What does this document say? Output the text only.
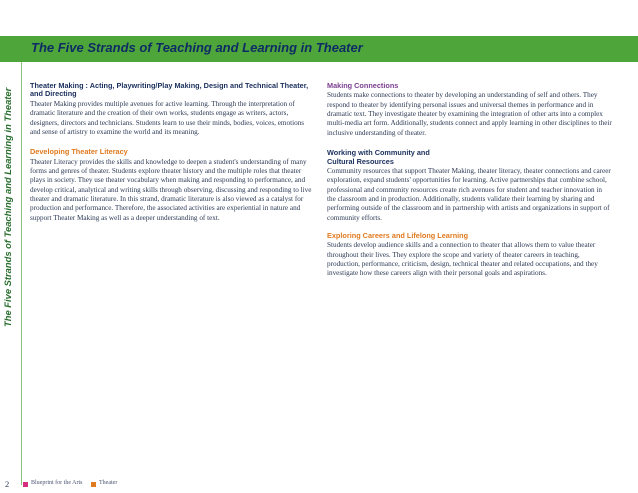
The Five Strands of Teaching and Learning in Theater
The Five Strands of Teaching and Learning in Theater
Theater Making : Acting, Playwriting/Play Making, Design and Technical Theater, and Directing

Theater Making provides multiple avenues for active learning. Through the interpretation of dramatic literature and the creation of their own works, students engage as writers, actors, designers, directors and technicians. Students learn to use their minds, bodies, voices, emotions and sense of artistry to examine the world and its meaning.

Developing Theater Literacy

Theater Literacy provides the skills and knowledge to deepen a student's understanding of many forms and genres of theater. Students explore theater history and the multiple roles that theater plays in society. They use theater vocabulary when making and responding to performance, and develop critical, analytical and writing skills through observing, discussing and responding to live theater and dramatic literature. In this strand, dramatic literature is also viewed as a catalyst for production and performance. Therefore, the associated activities are experiential in nature and support Theater Making as well as a deeper understanding of text.

Making Connections

Students make connections to theater by developing an understanding of self and others. They respond to theater by identifying personal issues and universal themes in performance and in dramatic text. They investigate theater by examining the integration of other arts into a complex multi-media art form. Additionally, students connect and apply learning in other disciplines to their inclusive understanding of theater.

Working with Community and Cultural Resources

Community resources that support Theater Making, theater literacy, theater connections and career exploration, expand students' opportunities for learning. Active partnerships that combine school, professional and community resources create rich avenues for student and teacher innovation in the classroom and in production. Additionally, students validate their learning by sharing and performing outside of the classroom and in partnership with artists and organizations in support of community efforts.

Exploring Careers and Lifelong Learning

Students develop audience skills and a connection to theater that allows them to value theater throughout their lives. They explore the scope and variety of theater careers in teaching, production, performance, criticism, design, technical theater and related occupations, and they investigate how these careers align with their personal goals and aspirations.

2	Blueprint for the Arts	Theater
